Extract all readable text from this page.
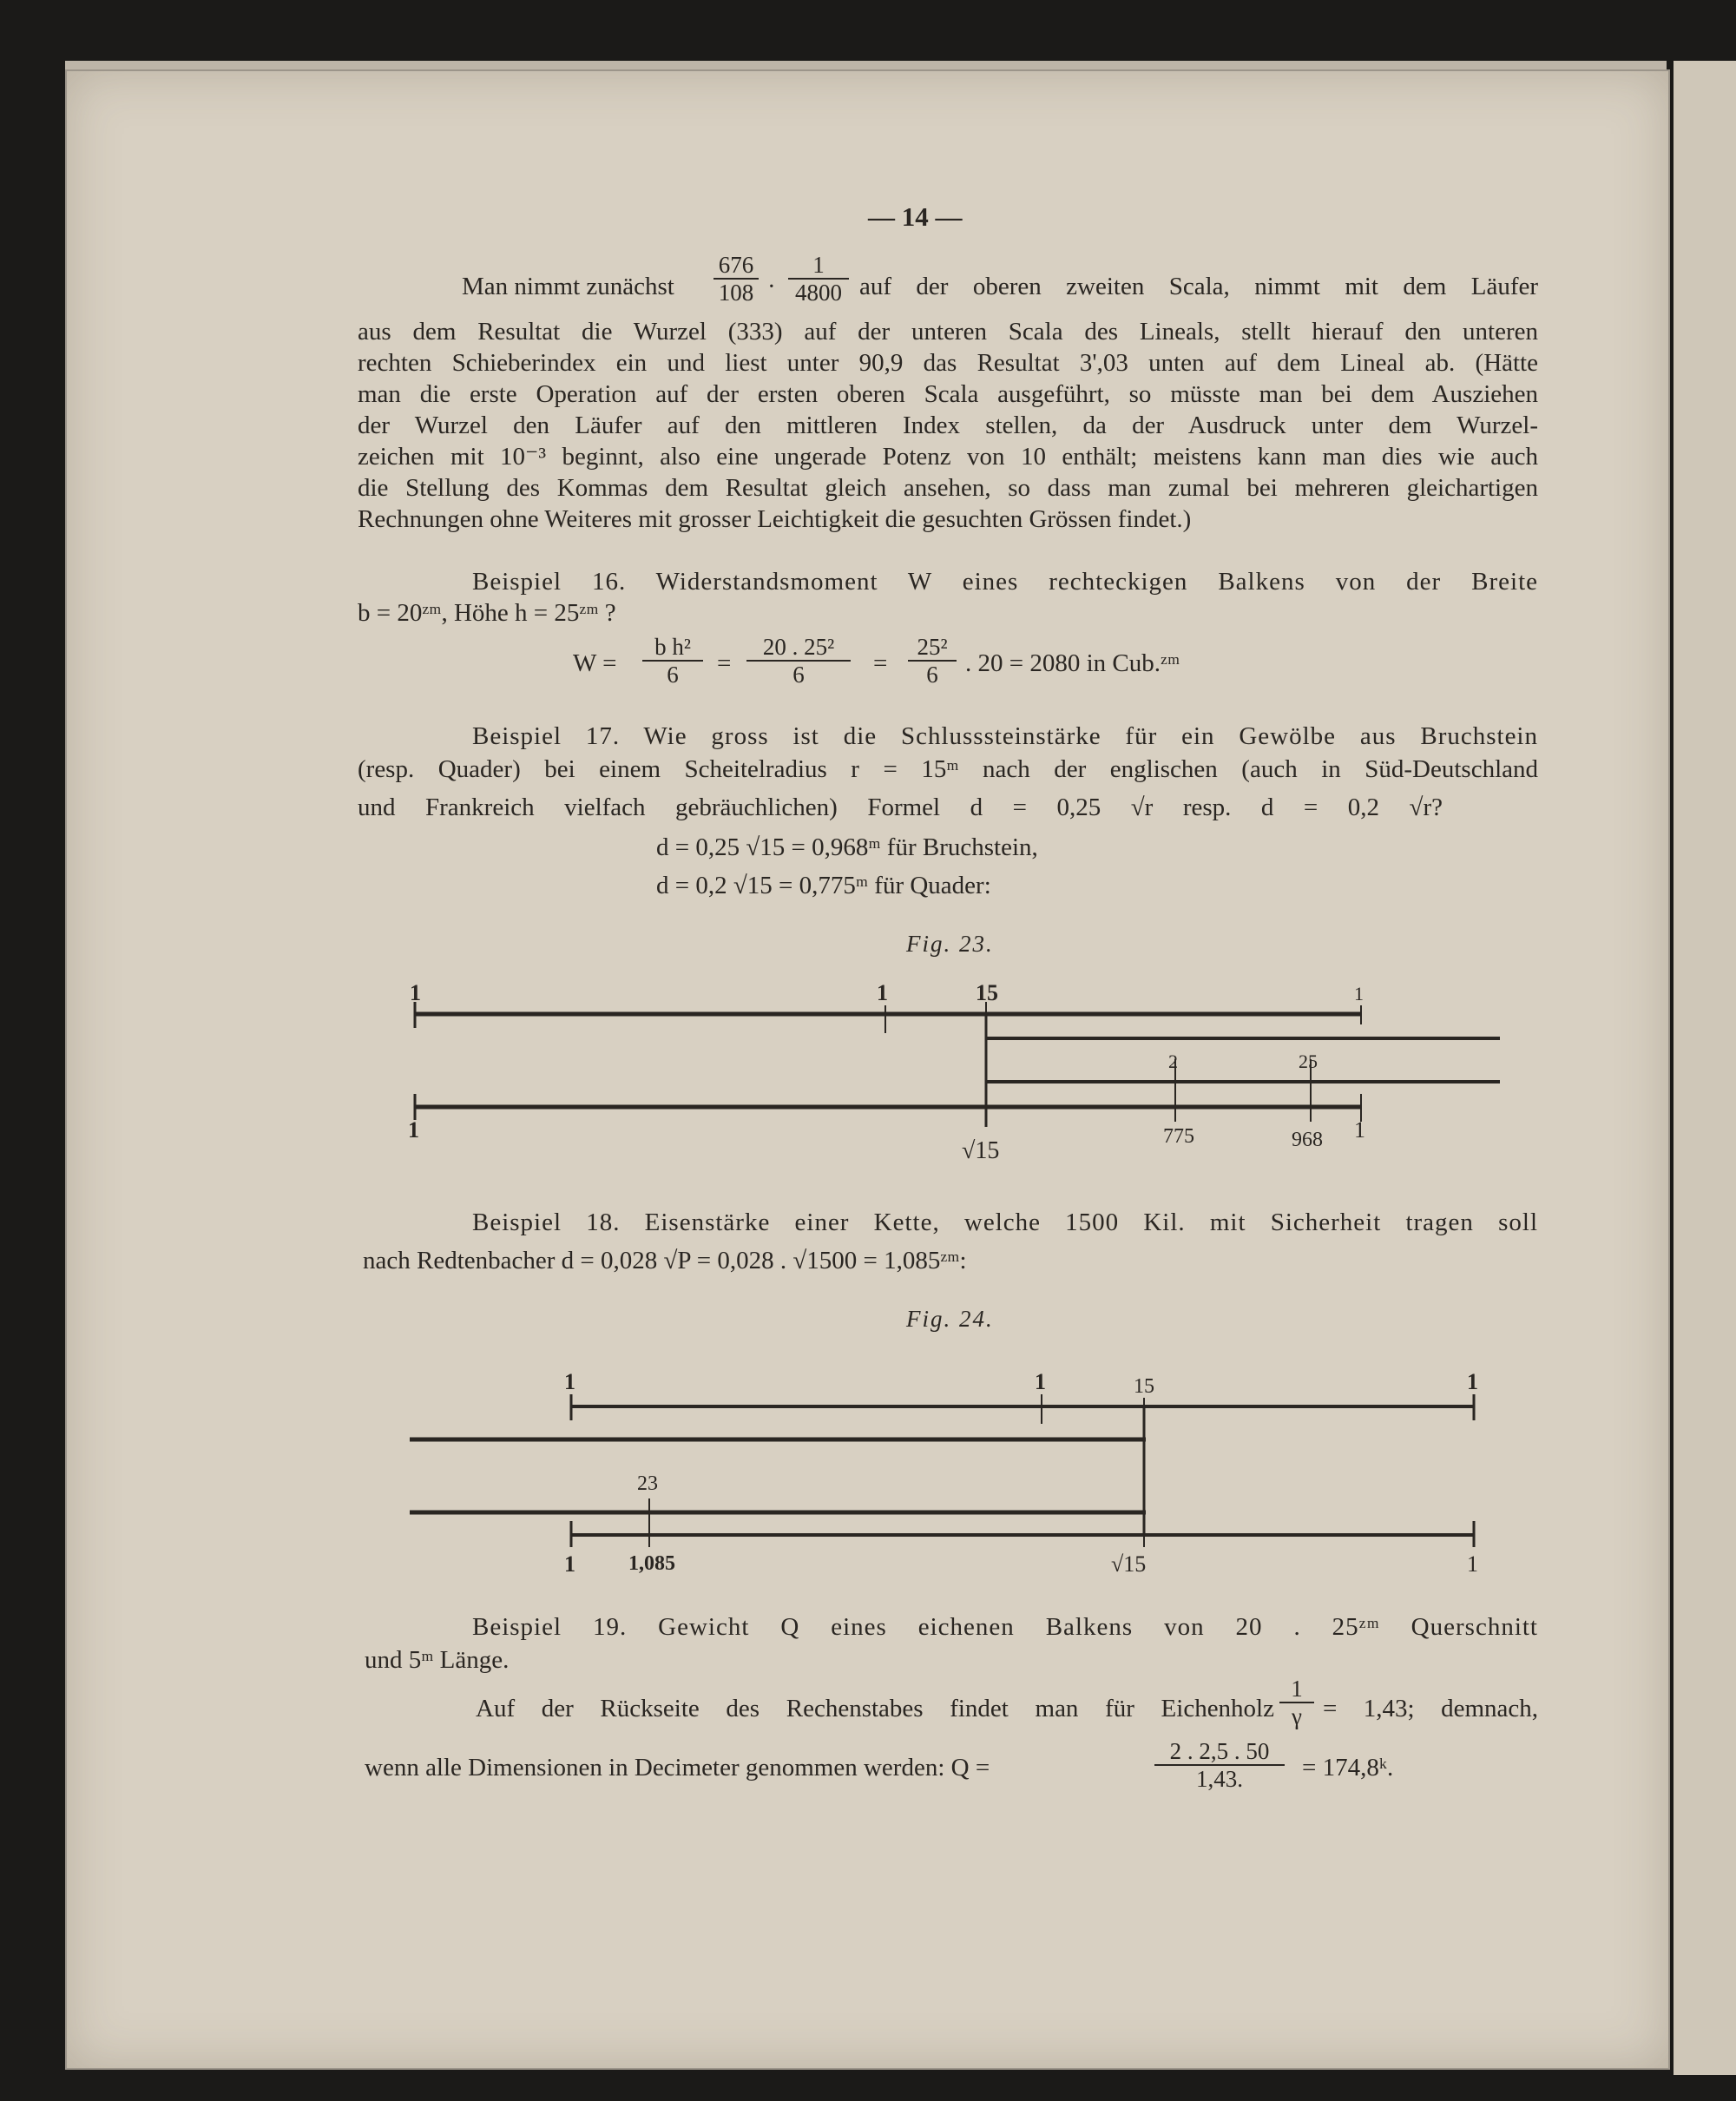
— 14 —
Man nimmt zunächst $\frac{676}{108} \cdot \frac{1}{4800}$ auf der oberen zweiten Scala, nimmt mit dem Läufer
aus dem Resultat die Wurzel (333) auf der unteren Scala des Lineals, stellt hierauf den unteren
rechten Schieberindex ein und liest unter 90,9 das Resultat 3',03 unten auf dem Lineal ab. (Hätte
man die erste Operation auf der ersten oberen Scala ausgeführt, so müsste man bei dem Ausziehen
der Wurzel den Läufer auf den mittleren Index stellen, da der Ausdruck unter dem Wurzel-
zeichen mit 10⁻³ beginnt, also eine ungerade Potenz von 10 enthält; meistens kann man dies wie auch
die Stellung des Kommas dem Resultat gleich ansehen, so dass man zumal bei mehreren gleichartigen
Rechnungen ohne Weiteres mit grosser Leichtigkeit die gesuchten Grössen findet.)
Beispiel 16. Widerstandsmoment W eines rechteckigen Balkens von der Breite
b = 20ᶻᵐ, Höhe h = 25ᶻᵐ ?
$W = \frac{\text{b h²}}{6} = \frac{\text{20 . 25²}}{6} = \frac{\text{25²}}{6}$ . 20 = 2080 in Cub.ᶻᵐ
Beispiel 17. Wie gross ist die Schlusssteinstärke für ein Gewölbe aus Bruchstein
(resp. Quader) bei einem Scheitelradius r = 15ᵐ nach der englischen (auch in Süd-Deutschland
und Frankreich vielfach gebräuchlichen) Formel d = 0,25 √r resp. d = 0,2 √r?
d = 0,25 √15 = 0,968ᵐ für Bruchstein,
d = 0,2 √15 = 0,775ᵐ für Quader:
Fig. 23.
1	1	15	1
2	25
1
√15
775	968 1
Beispiel 18. Eisenstärke einer Kette, welche 1500 Kil. mit Sicherheit tragen soll
nach Redtenbacher d = 0,028 √P = 0,028 . √1500 = 1,085ᶻᵐ:
Fig. 24.
1	1	15	1
23
1	1,085	√15	1
Beispiel 19. Gewicht Q eines eichenen Balkens von 20 . 25ᶻᵐ Querschnitt
und 5ᵐ Länge.
Auf der Rückseite des Rechenstabes findet man für Eichenholz $\frac{1}{\gamma} = 1,43$; demnach,
wenn alle Dimensionen in Decimeter genommen werden: Q =	$\frac{2 . 2,5 . 50}{1,43.}$ = 174,8ᵏ.
